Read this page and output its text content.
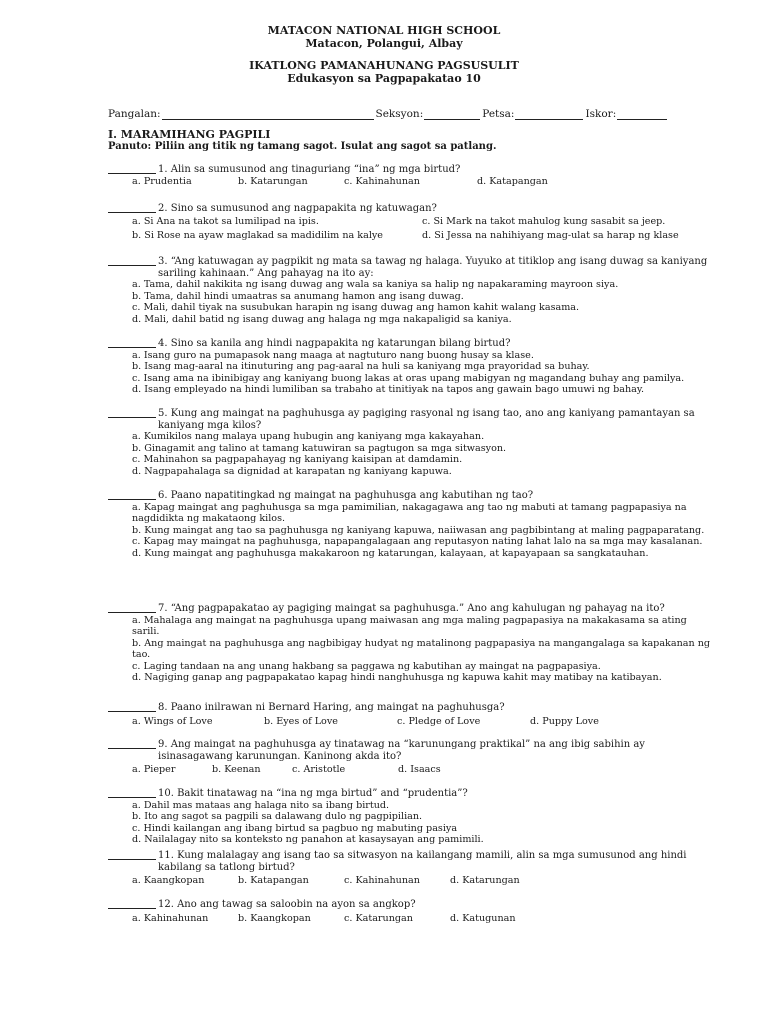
MATACON NATIONAL HIGH SCHOOL
Matacon, Polangui, Albay
IKATLONG PAMANAHUNANG PAGSUSULIT
Edukasyon sa Pagpapakatao 10
Pangalan:	Seksyon:	Petsa:	Iskor:
I. MARAMIHANG PAGPILI
Panuto: Piliin ang titik ng tamang sagot. Isulat ang sagot sa patlang.
1. Alin sa sumusunod ang tinaguriang “ina” ng mga birtud?
a. Prudentia	b. Katarungan	c. Kahinahunan	d. Katapangan
2. Sino sa sumusunod ang nagpapakita ng katuwagan?
a. Si Ana na takot sa lumilipad na ipis.	c. Si Mark na takot mahulog kung sasabit sa jeep.
b. Si Rose na ayaw maglakad sa madidilim na kalye	d. Si Jessa na nahihiyang mag-ulat sa harap ng klase
3. “Ang katuwagan ay pagpikit ng mata sa tawag ng halaga. Yuyuko at titiklop ang isang duwag sa kaniyang sariling kahinaan.” Ang pahayag na ito ay:
a. Tama, dahil nakikita ng isang duwag ang wala sa kaniya sa halip ng napakaraming mayroon siya.
b. Tama, dahil hindi umaatras sa anumang hamon ang isang duwag.
c. Mali, dahil tiyak na susubukan harapin ng isang duwag ang hamon kahit walang kasama.
d. Mali, dahil batid ng isang duwag ang halaga ng mga nakapaligid sa kaniya.
4. Sino sa kanila ang hindi nagpapakita ng katarungan bilang birtud?
a. Isang guro na pumapasok nang maaga at nagtuturo nang buong husay sa klase.
b. Isang mag-aaral na itinuturing ang pag-aaral na huli sa kaniyang mga prayoridad sa buhay.
c. Isang ama na ibinibigay ang kaniyang buong lakas at oras upang mabigyan ng magandang buhay ang pamilya.
d. Isang empleyado na hindi lumiliban sa trabaho at tinitiyak na tapos ang gawain bago umuwi ng bahay.
5. Kung ang maingat na paghuhusga ay pagiging rasyonal ng isang tao, ano ang kaniyang pamantayan sa kaniyang mga kilos?
a. Kumikilos nang malaya upang hubugin ang kaniyang mga kakayahan.
b. Ginagamit ang talino at tamang katuwiran sa pagtugon sa mga sitwasyon.
c. Mahinahon sa pagpapahayag ng kaniyang kaisipan at damdamin.
d. Nagpapahalaga sa dignidad at karapatan ng kaniyang kapuwa.
6. Paano napatitingkad ng maingat na paghuhusga ang kabutihan ng tao?
a. Kapag maingat ang paghuhusga sa mga pamimilian, nakagagawa ang tao ng mabuti at tamang pagpapasiya na nagdidikta ng makataong kilos.
b. Kung maingat ang tao sa paghuhusga ng kaniyang kapuwa, naiiwasan ang pagbibintang at maling pagpaparatang.
c. Kapag may maingat na paghuhusga, napapangalagaan ang reputasyon nating lahat lalo na sa mga may kasalanan.
d. Kung maingat ang paghuhusga makakaroon ng katarungan, kalayaan, at kapayapaan sa sangkatauhan.
7. “Ang pagpapakatao ay pagiging maingat sa paghuhusga.” Ano ang kahulugan ng pahayag na ito?
a. Mahalaga ang maingat na paghuhusga upang maiwasan ang mga maling pagpapasiya na makakasama sa ating sarili.
b. Ang maingat na paghuhusga ang nagbibigay hudyat ng matalinong pagpapasiya na mangangalaga sa kapakanan ng tao.
c. Laging tandaan na ang unang hakbang sa paggawa ng kabutihan ay maingat na pagpapasiya.
d. Nagiging ganap ang pagpapakatao kapag hindi nanghuhusga ng kapuwa kahit may matibay na katibayan.
8. Paano inilrawan ni Bernard Haring, ang maingat na paghuhusga?
a. Wings of Love	b. Eyes of Love	c. Pledge of Love	d. Puppy Love
9. Ang maingat na paghuhusga ay tinatawag na “karunungang praktikal” na ang ibig sabihin ay isinasagawang karunungan. Kaninong akda ito?
a. Pieper	b. Keenan	c. Aristotle	d. Isaacs
10. Bakit tinatawag na “ina ng mga birtud” and “prudentia”?
a. Dahil mas mataas ang halaga nito sa ibang birtud.
b. Ito ang sagot sa pagpili sa dalawang dulo ng pagpipilian.
c. Hindi kailangan ang ibang birtud sa pagbuo ng mabuting pasiya
d. Nailalagay nito sa konteksto ng panahon at kasaysayan ang pamimili.
11. Kung malalagay ang isang tao sa sitwasyon na kailangang mamili, alin sa mga sumusunod ang hindi kabilang sa tatlong birtud?
a. Kaangkopan	b. Katapangan	c. Kahinahunan	d. Katarungan
12. Ano ang tawag sa saloobin na ayon sa angkop?
a. Kahinahunan	b. Kaangkopan	c. Katarungan	d. Katugunan
